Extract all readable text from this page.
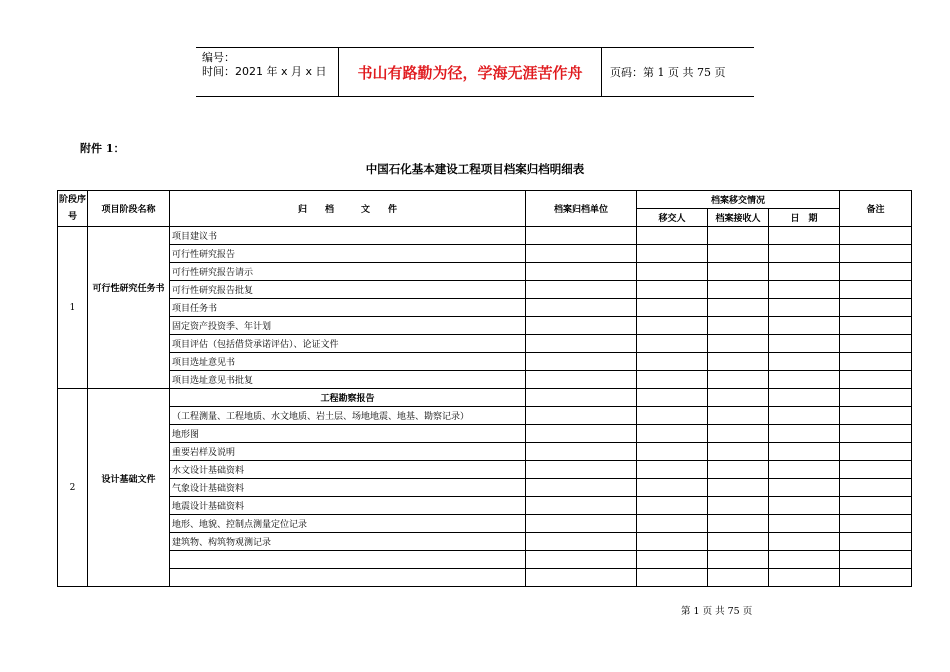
编号：
时间：2021 年 x 月 x 日	书山有路勤为径，学海无涯苦作舟	页码：第 1 页 共 75 页
附件 1：
中国石化基本建设工程项目档案归档明细表
阶段序号	项目阶段名称	归　　档　　　文　　件	档案归档单位	档案移交情况			备注
				移交人	档案接收人	日　期	
1	可行性研究任务书	项目建议书					
		可行性研究报告					
		可行性研究报告请示					
		可行性研究报告批复					
		项目任务书					
		固定资产投资季、年计划					
		项目评估（包括借贷承诺评估）、论证文件					
		项目选址意见书					
		项目选址意见书批复					
2	设计基础文件	工程勘察报告					
		（工程测量、工程地质、水文地质、岩土层、场地地震、地基、勘察记录）					
		地形图					
		重要岩样及说明					
		水文设计基础资料					
		气象设计基础资料					
		地震设计基础资料					
		地形、地貌、控制点测量定位记录					
		建筑物、构筑物观测记录					

第 1 页 共 75 页
